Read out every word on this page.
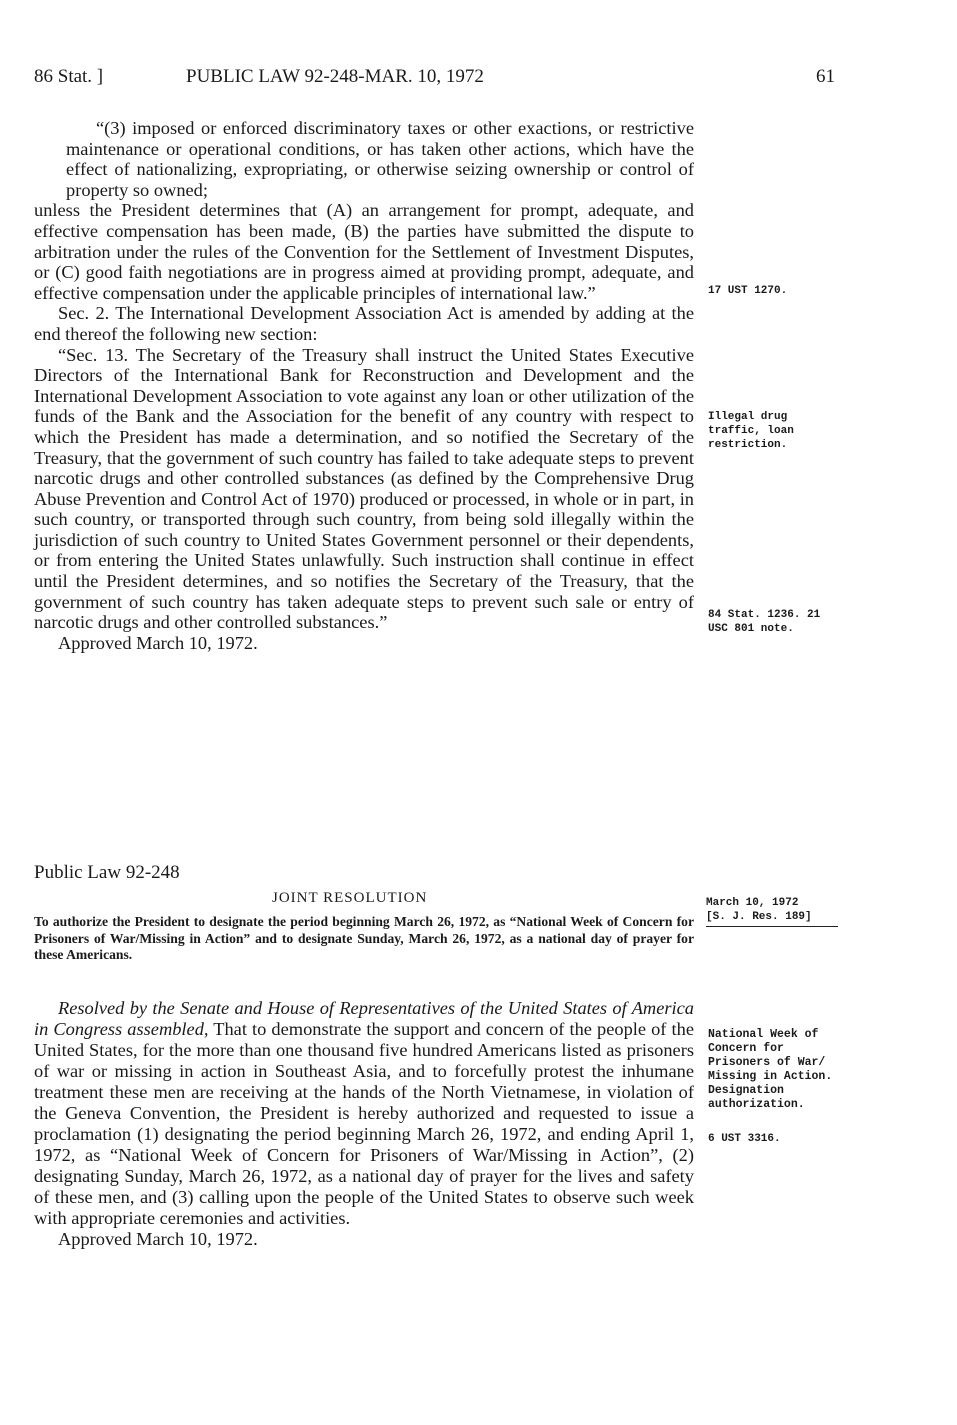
86 Stat. ]	PUBLIC LAW 92-248-MAR. 10, 1972	61

“(3) imposed or enforced discriminatory taxes or other exactions, or restrictive maintenance or operational conditions, or has taken other actions, which have the effect of nationalizing, expropriating, or otherwise seizing ownership or control of property so owned;

unless the President determines that (A) an arrangement for prompt, adequate, and effective compensation has been made, (B) the parties have submitted the dispute to arbitration under the rules of the Convention for the Settlement of Investment Disputes, or (C) good faith negotiations are in progress aimed at providing prompt, adequate, and effective compensation under the applicable principles of international law.”

Sec. 2. The International Development Association Act is amended by adding at the end thereof the following new section:

“Sec. 13. The Secretary of the Treasury shall instruct the United States Executive Directors of the International Bank for Reconstruction and Development and the International Development Association to vote against any loan or other utilization of the funds of the Bank and the Association for the benefit of any country with respect to which the President has made a determination, and so notified the Secretary of the Treasury, that the government of such country has failed to take adequate steps to prevent narcotic drugs and other controlled substances (as defined by the Comprehensive Drug Abuse Prevention and Control Act of 1970) produced or processed, in whole or in part, in such country, or transported through such country, from being sold illegally within the jurisdiction of such country to United States Government personnel or their dependents, or from entering the United States unlawfully. Such instruction shall continue in effect until the President determines, and so notifies the Secretary of the Treasury, that the government of such country has taken adequate steps to prevent such sale or entry of narcotic drugs and other controlled substances.”

Approved March 10, 1972.

17 UST 1270.
Illegal drug traffic, loan restriction.
84 Stat. 1236. 21 USC 801 note.
Public Law 92-248
JOINT RESOLUTION	March 10, 1972
[S. J. Res. 189]
To authorize the President to designate the period beginning March 26, 1972, as “National Week of Concern for Prisoners of War/Missing in Action” and to designate Sunday, March 26, 1972, as a national day of prayer for these Americans.

Resolved by the Senate and House of Representatives of the United States of America in Congress assembled, That to demonstrate the support and concern of the people of the United States, for the more than one thousand five hundred Americans listed as prisoners of war or missing in action in Southeast Asia, and to forcefully protest the inhumane treatment these men are receiving at the hands of the North Vietnamese, in violation of the Geneva Convention, the President is hereby authorized and requested to issue a proclamation (1) designating the period beginning March 26, 1972, and ending April 1, 1972, as “National Week of Concern for Prisoners of War/Missing in Action”, (2) designating Sunday, March 26, 1972, as a national day of prayer for the lives and safety of these men, and (3) calling upon the people of the United States to observe such week with appropriate ceremonies and activities.

Approved March 10, 1972.

National Week of Concern for Prisoners of War/ Missing in Action. Designation authorization.
6 UST 3316.
